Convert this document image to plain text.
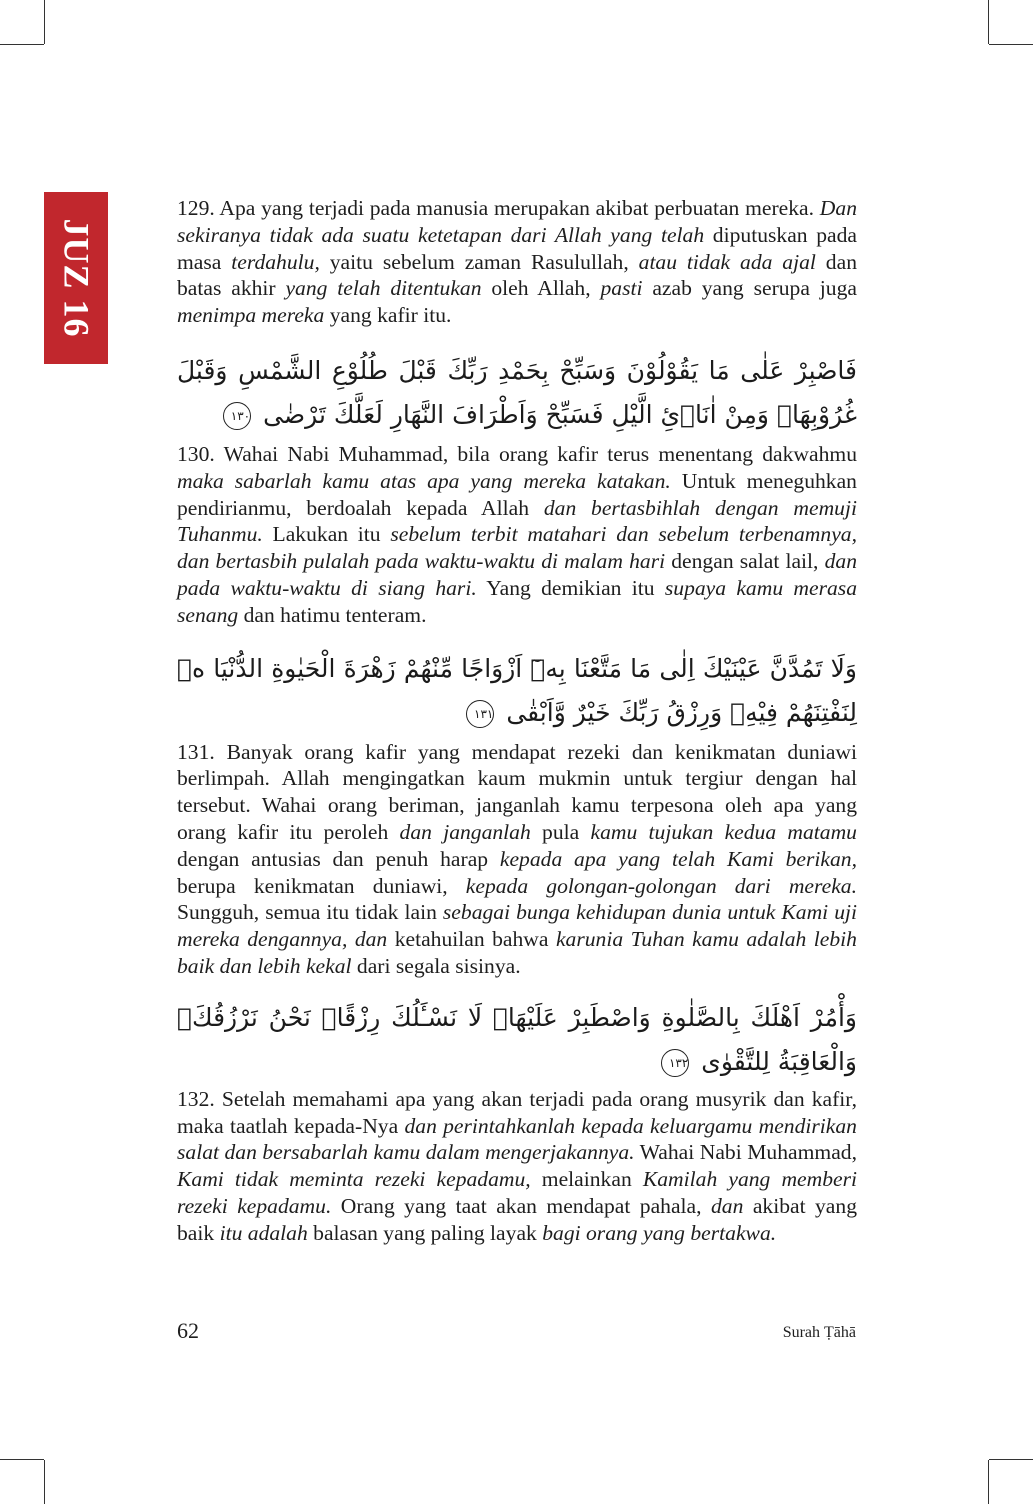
JUZ 16

129. Apa yang terjadi pada manusia merupakan akibat perbuatan mereka. Dan sekiranya tidak ada suatu ketetapan dari Allah yang telah diputuskan pada masa terdahulu, yaitu sebelum zaman Rasulullah, atau tidak ada ajal dan batas akhir yang telah ditentukan oleh Allah, pasti azab yang serupa juga menimpa mereka yang kafir itu.

فَاصْبِرْ عَلٰى مَا يَقُوْلُوْنَ وَسَبِّحْ بِحَمْدِ رَبِّكَ قَبْلَ طُلُوْعِ الشَّمْسِ وَقَبْلَ غُرُوْبِهَاۚ وَمِنْ اٰنَاۤئِ الَّيْلِ فَسَبِّحْ وَاَطْرَافَ النَّهَارِ لَعَلَّكَ تَرْضٰى ١٣٠

130. Wahai Nabi Muhammad, bila orang kafir terus menentang dakwahmu maka sabarlah kamu atas apa yang mereka katakan. Untuk meneguhkan pendirianmu, berdoalah kepada Allah dan bertasbihlah dengan memuji Tuhanmu. Lakukan itu sebelum terbit matahari dan sebelum terbenamnya, dan bertasbih pulalah pada waktu-waktu di malam hari dengan salat lail, dan pada waktu-waktu di siang hari. Yang demikian itu supaya kamu merasa senang dan hatimu tenteram.

وَلَا تَمُدَّنَّ عَيْنَيْكَ اِلٰى مَا مَتَّعْنَا بِهٖٓ اَزْوَاجًا مِّنْهُمْ زَهْرَةَ الْحَيٰوةِ الدُّنْيَا ەۙ لِنَفْتِنَهُمْ فِيْهِۗ وَرِزْقُ رَبِّكَ خَيْرٌ وَّاَبْقٰى ١٣١

131. Banyak orang kafir yang mendapat rezeki dan kenikmatan duniawi berlimpah. Allah mengingatkan kaum mukmin untuk tergiur dengan hal tersebut. Wahai orang beriman, janganlah kamu terpesona oleh apa yang orang kafir itu peroleh dan janganlah pula kamu tujukan kedua matamu dengan antusias dan penuh harap kepada apa yang telah Kami berikan, berupa kenikmatan duniawi, kepada golongan-golongan dari mereka. Sungguh, semua itu tidak lain sebagai bunga kehidupan dunia untuk Kami uji mereka dengannya, dan ketahuilan bahwa karunia Tuhan kamu adalah lebih baik dan lebih kekal dari segala sisinya.

وَأْمُرْ اَهْلَكَ بِالصَّلٰوةِ وَاصْطَبِرْ عَلَيْهَاۗ لَا نَسْـَٔلُكَ رِزْقًاۗ نَحْنُ نَرْزُقُكَۗ وَالْعَاقِبَةُ لِلتَّقْوٰى ١٣٢

132. Setelah memahami apa yang akan terjadi pada orang musyrik dan kafir, maka taatlah kepada-Nya dan perintahkanlah kepada keluargamu mendirikan salat dan bersabarlah kamu dalam mengerjakannya. Wahai Nabi Muhammad, Kami tidak meminta rezeki kepadamu, melainkan Kamilah yang memberi rezeki kepadamu. Orang yang taat akan mendapat pahala, dan akibat yang baik itu adalah balasan yang paling layak bagi orang yang bertakwa.

62	Surah Ṭāhā
